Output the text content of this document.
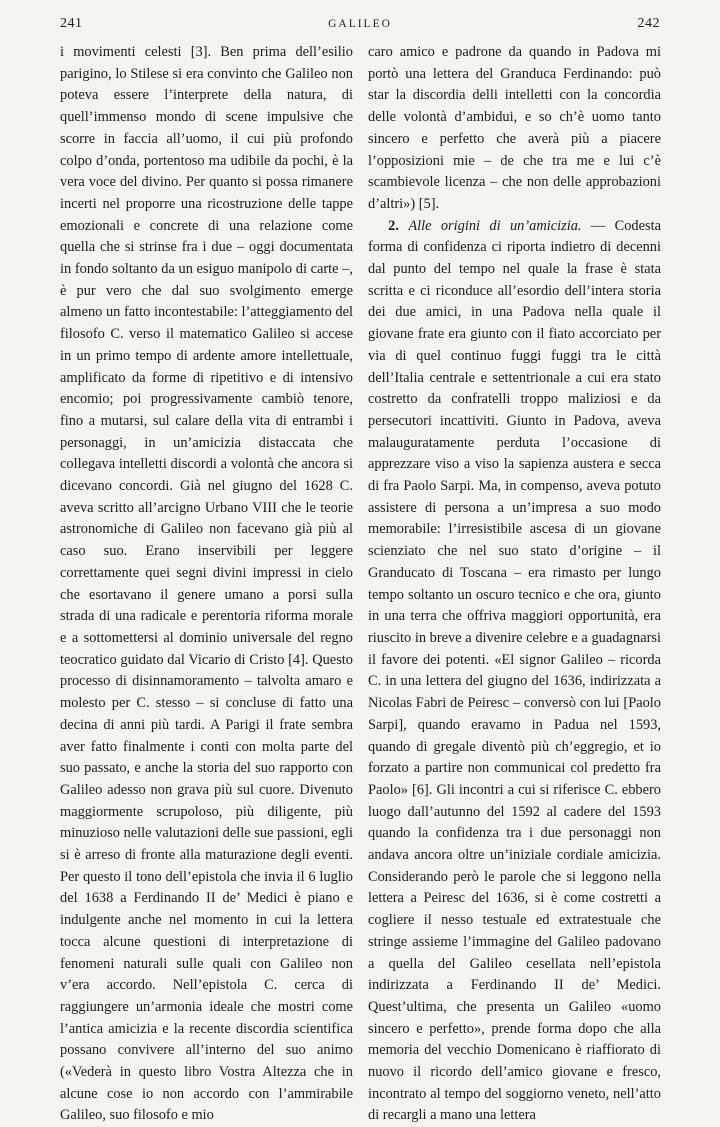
241	GALILEO	242

i movimenti celesti [3]. Ben prima dell’esilio parigino, lo Stilese si era convinto che Galileo non poteva essere l’interprete della natura, di quell’immenso mondo di scene impulsive che scorre in faccia all’uomo, il cui più profondo colpo d’onda, portentoso ma udibile da pochi, è la vera voce del divino. Per quanto si possa rimanere incerti nel proporre una ricostruzione delle tappe emozionali e concrete di una relazione come quella che si strinse fra i due – oggi documentata in fondo soltanto da un esiguo manipolo di carte –, è pur vero che dal suo svolgimento emerge almeno un fatto incontestabile: l’atteggiamento del filosofo C. verso il matematico Galileo si accese in un primo tempo di ardente amore intellettuale, amplificato da forme di ripetitivo e di intensivo encomio; poi progressivamente cambiò tenore, fino a mutarsi, sul calare della vita di entrambi i personaggi, in un’amicizia distaccata che collegava intelletti discordi a volontà che ancora si dicevano concordi. Già nel giugno del 1628 C. aveva scritto all’arcigno Urbano VIII che le teorie astronomiche di Galileo non facevano già più al caso suo. Erano inservibili per leggere correttamente quei segni divini impressi in cielo che esortavano il genere umano a porsi sulla strada di una radicale e perentoria riforma morale e a sottomettersi al dominio universale del regno teocratico guidato dal Vicario di Cristo [4]. Questo processo di disinnamoramento – talvolta amaro e molesto per C. stesso – si concluse di fatto una decina di anni più tardi. A Parigi il frate sembra aver fatto finalmente i conti con molta parte del suo passato, e anche la storia del suo rapporto con Galileo adesso non grava più sul cuore. Divenuto maggiormente scrupoloso, più diligente, più minuzioso nelle valutazioni delle sue passioni, egli si è arreso di fronte alla maturazione degli eventi. Per questo il tono dell’epistola che invia il 6 luglio del 1638 a Ferdinando II de’ Medici è piano e indulgente anche nel momento in cui la lettera tocca alcune questioni di interpretazione di fenomeni naturali sulle quali con Galileo non v’era accordo. Nell’epistola C. cerca di raggiungere un’armonia ideale che mostri come l’antica amicizia e la recente discordia scientifica possano convivere all’interno del suo animo («Vederà in questo libro Vostra Altezza che in alcune cose io non accordo con l’ammirabile Galileo, suo filosofo e mio

caro amico e padrone da quando in Padova mi portò una lettera del Granduca Ferdinando: può star la discordia delli intelletti con la concordia delle volontà d’ambidui, e so ch’è uomo tanto sincero e perfetto che averà più a piacere l’opposizioni mie – de che tra me e lui c’è scambievole licenza – che non delle approbazioni d’altri») [5].

2. Alle origini di un’amicizia. — Codesta forma di confidenza ci riporta indietro di decenni dal punto del tempo nel quale la frase è stata scritta e ci riconduce all’esordio dell’intera storia dei due amici, in una Padova nella quale il giovane frate era giunto con il fiato accorciato per via di quel continuo fuggi fuggi tra le città dell’Italia centrale e settentrionale a cui era stato costretto da confratelli troppo maliziosi e da persecutori incattiviti. Giunto in Padova, aveva malauguratamente perduta l’occasione di apprezzare viso a viso la sapienza austera e secca di fra Paolo Sarpi. Ma, in compenso, aveva potuto assistere di persona a un’impresa a suo modo memorabile: l’irresistibile ascesa di un giovane scienziato che nel suo stato d’origine – il Granducato di Toscana – era rimasto per lungo tempo soltanto un oscuro tecnico e che ora, giunto in una terra che offriva maggiori opportunità, era riuscito in breve a divenire celebre e a guadagnarsi il favore dei potenti. «El signor Galileo – ricorda C. in una lettera del giugno del 1636, indirizzata a Nicolas Fabri de Peiresc – conversò con lui [Paolo Sarpi], quando eravamo in Padua nel 1593, quando di gregale diventò più ch’eggregio, et io forzato a partire non communicai col predetto fra Paolo» [6]. Gli incontri a cui si riferisce C. ebbero luogo dall’autunno del 1592 al cadere del 1593 quando la confidenza tra i due personaggi non andava ancora oltre un’iniziale cordiale amicizia. Considerando però le parole che si leggono nella lettera a Peiresc del 1636, si è come costretti a cogliere il nesso testuale ed extratestuale che stringe assieme l’immagine del Galileo padovano a quella del Galileo cesellata nell’epistola indirizzata a Ferdinando II de’ Medici. Quest’ultima, che presenta un Galileo «uomo sincero e perfetto», prende forma dopo che alla memoria del vecchio Domenicano è riaffiorato di nuovo il ricordo dell’amico giovane e fresco, incontrato al tempo del soggiorno veneto, nell’atto di recargli a mano una lettera
